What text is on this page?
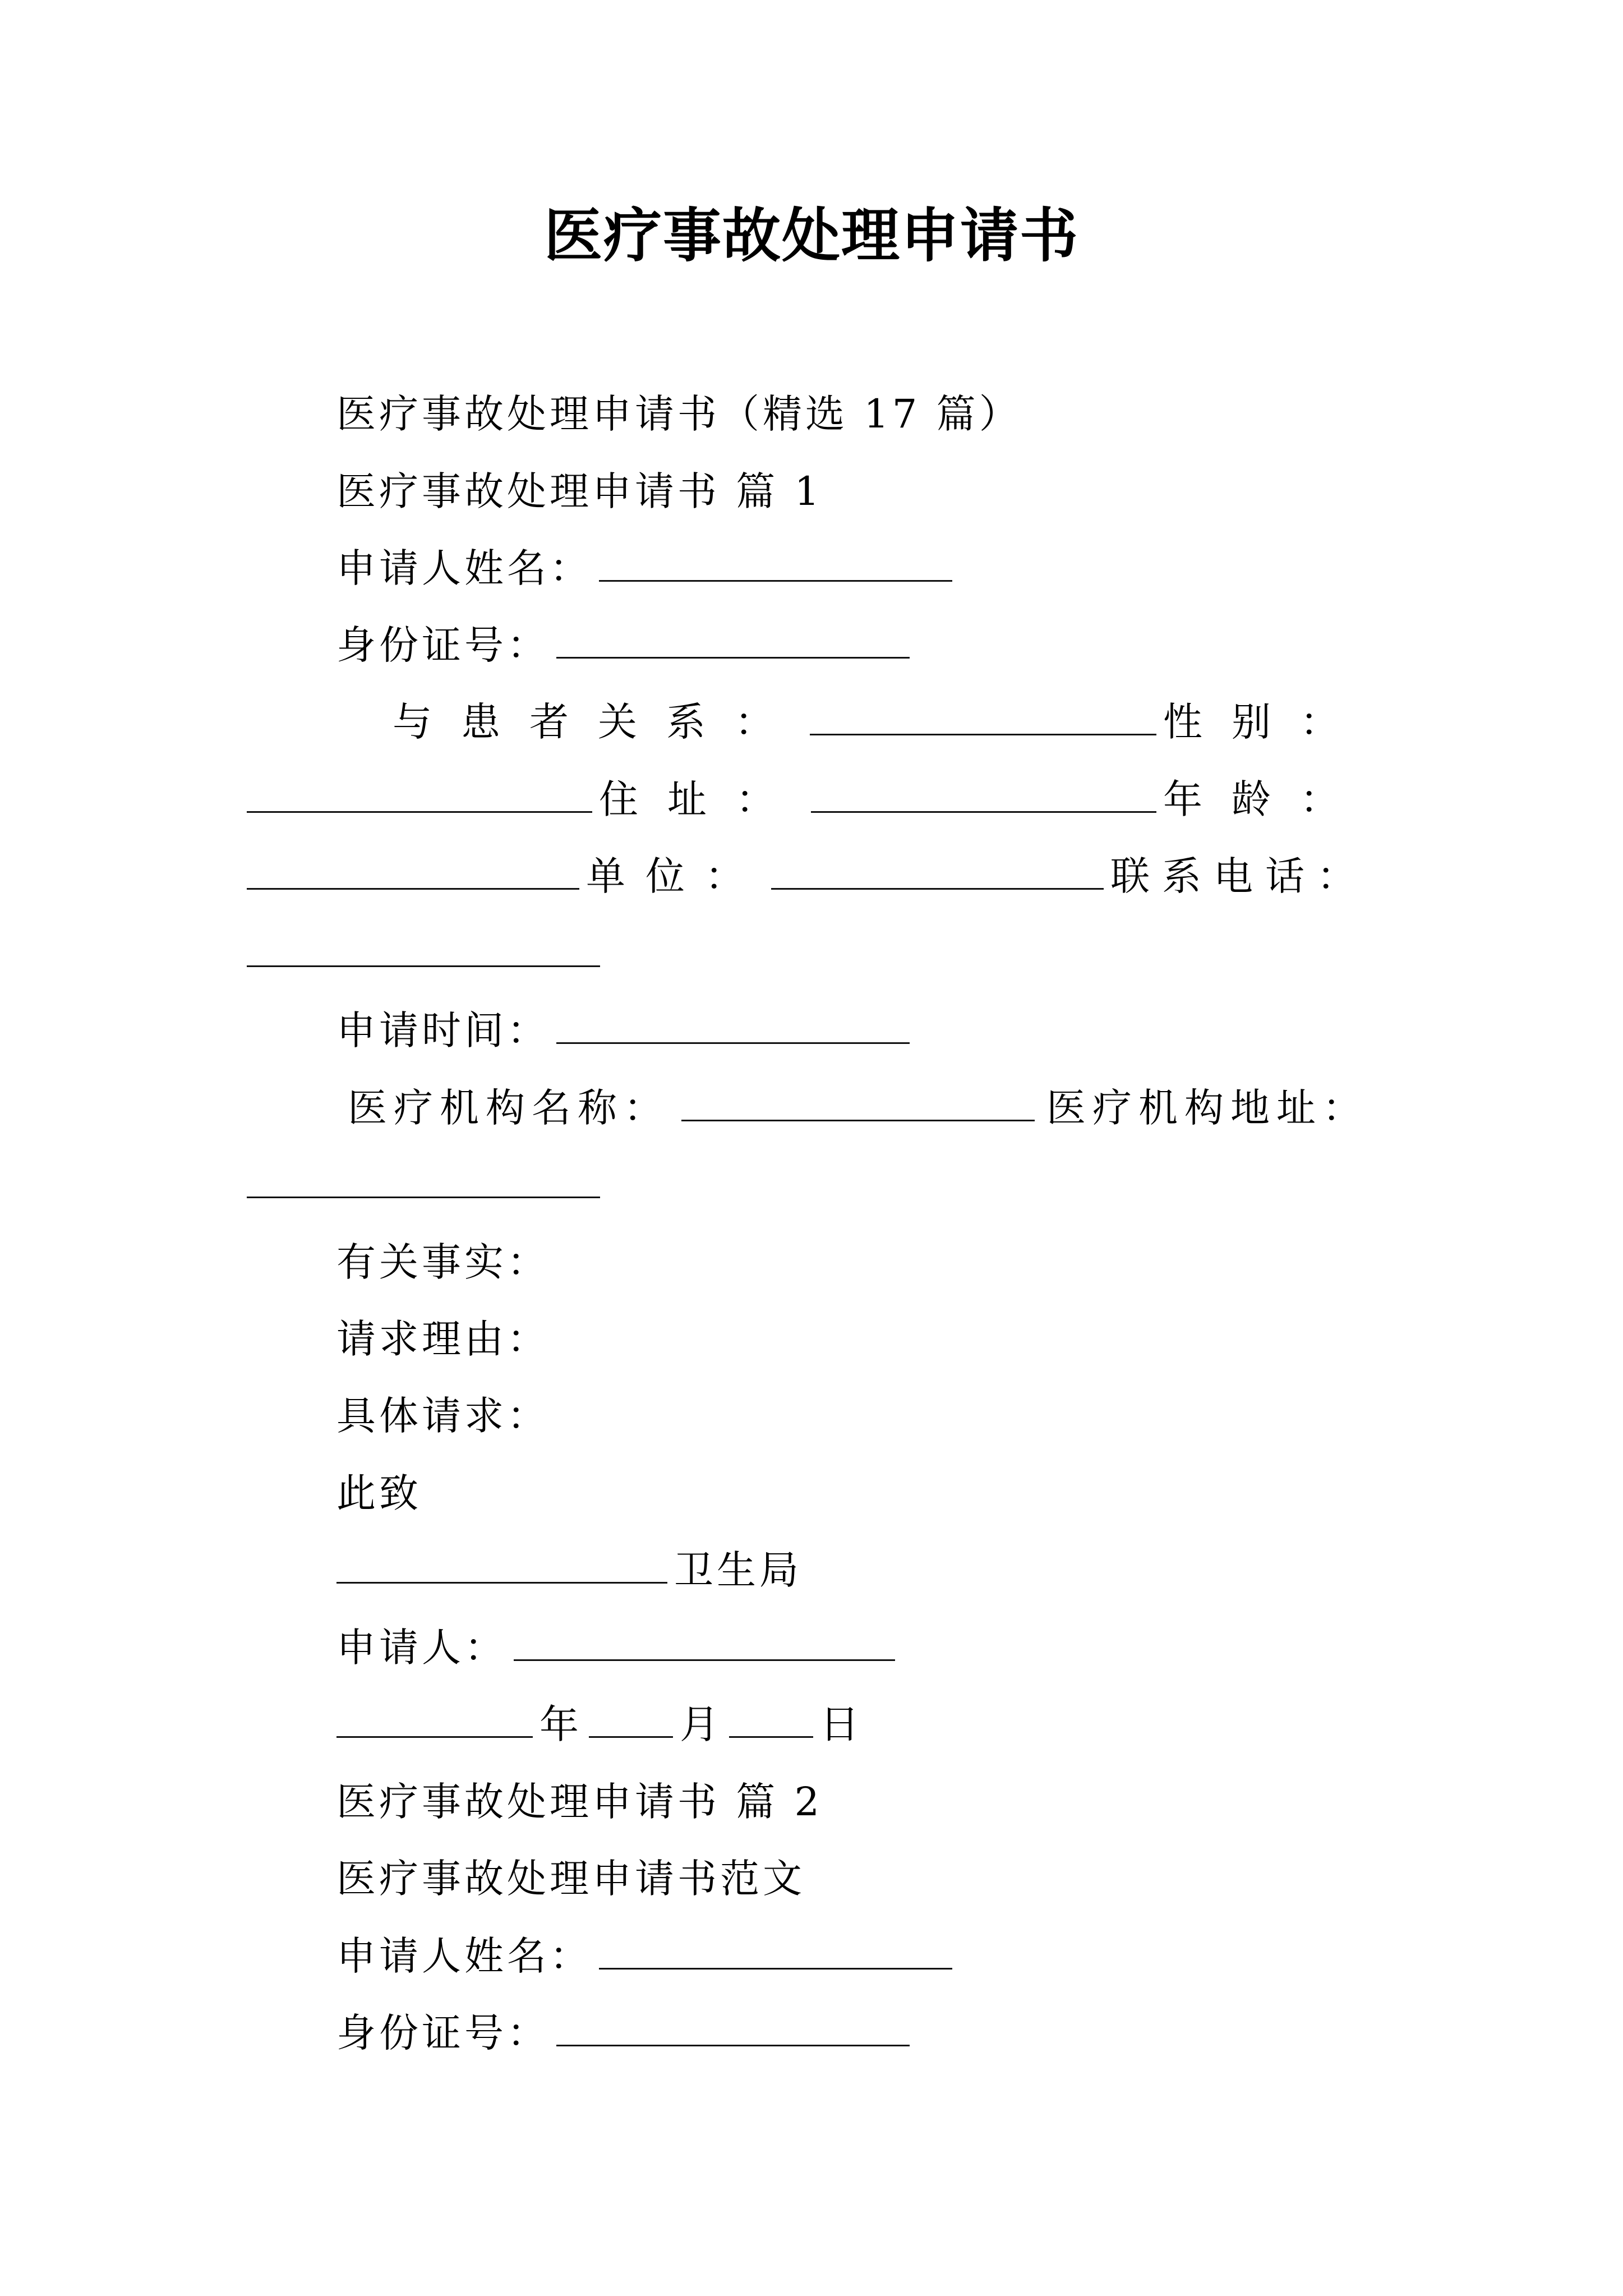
医疗事故处理申请书
医疗事故处理申请书（精选 17 篇）
医疗事故处理申请书 篇 1
申请人姓名：
身份证号：
与患者关系：	性别：
住址：	年龄：
单位：	联系电话：
申请时间：
医疗机构名称：	医疗机构地址：
有关事实：
请求理由：
具体请求：
此致
卫生局
申请人：
年 月 日
医疗事故处理申请书 篇 2
医疗事故处理申请书范文
申请人姓名：
身份证号：
